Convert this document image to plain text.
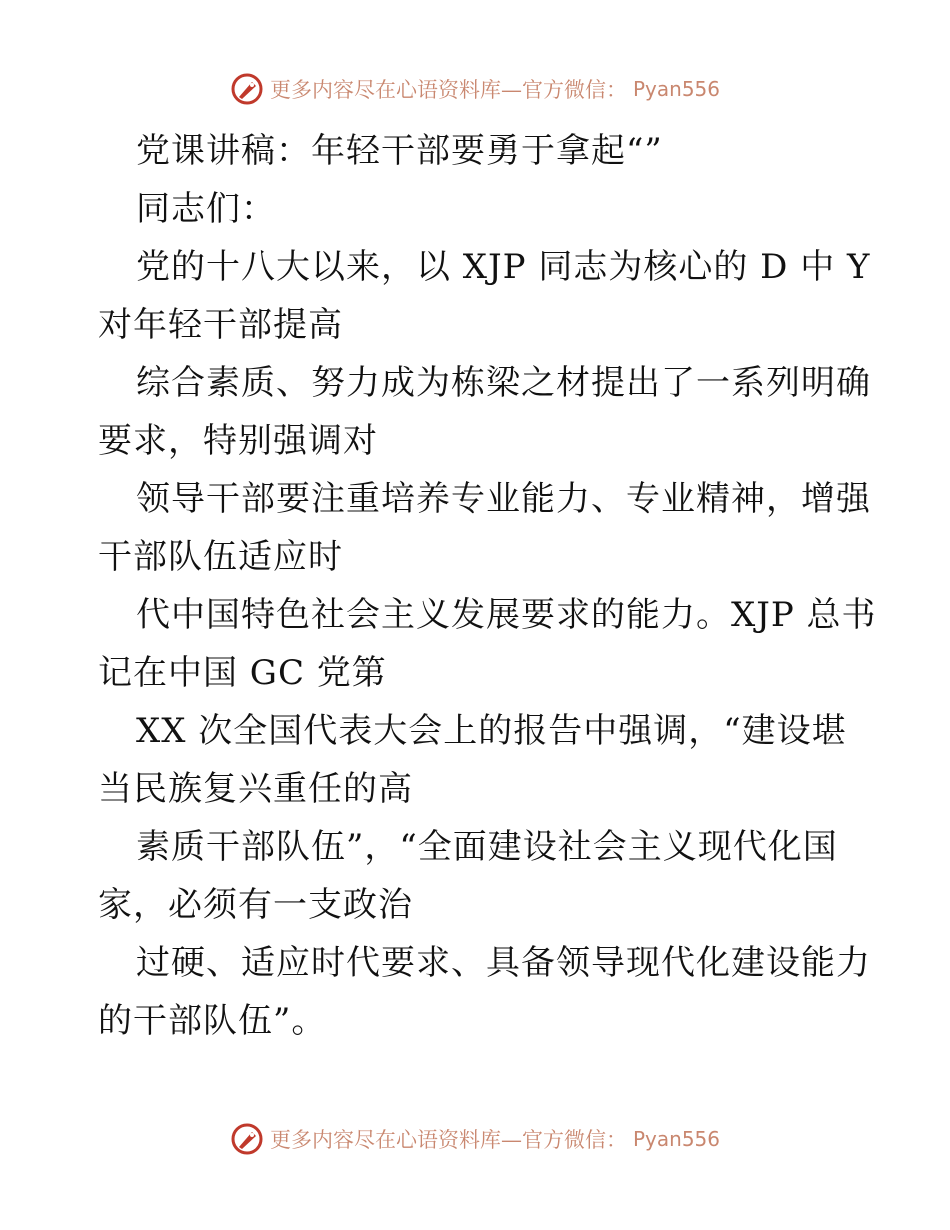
更多内容尽在心语资料库—官方微信： Pyan556
党课讲稿：年轻干部要勇于拿起“”
同志们：
党的十八大以来，以 XJP 同志为核心的 D 中 Y
对年轻干部提高
综合素质、努力成为栋梁之材提出了一系列明确
要求，特别强调对
领导干部要注重培养专业能力、专业精神，增强
干部队伍适应时
代中国特色社会主义发展要求的能力。XJP 总书
记在中国 GC 党第
XX 次全国代表大会上的报告中强调，“建设堪
当民族复兴重任的高
素质干部队伍”，“全面建设社会主义现代化国
家，必须有一支政治
过硬、适应时代要求、具备领导现代化建设能力
的干部队伍”。
更多内容尽在心语资料库—官方微信： Pyan556
